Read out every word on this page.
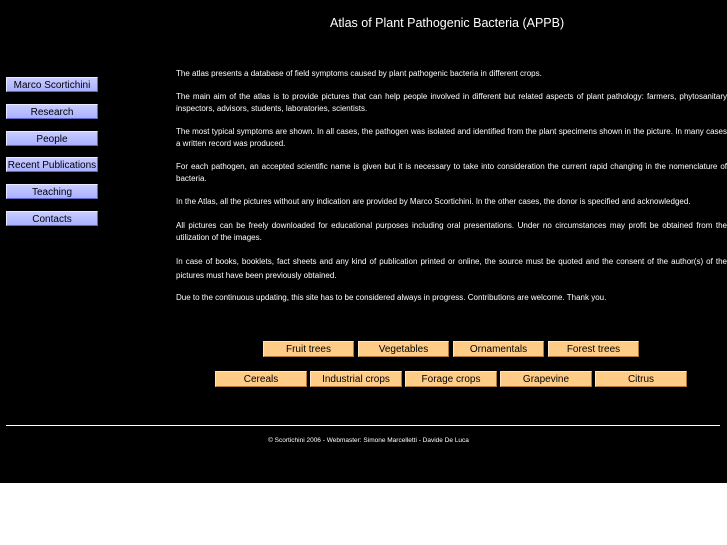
Atlas of Plant Pathogenic Bacteria (APPB)
Marco Scortichini
Research
People
Recent Publications
Teaching
Contacts

The atlas presents a database of field symptoms caused by plant pathogenic bacteria in different crops.

The main aim of the atlas is to provide pictures that can help people involved in different but related aspects of plant pathology: farmers, phytosanitary inspectors, advisors, students, laboratories, scientists.

The most typical symptoms are shown. In all cases, the pathogen was isolated and identified from the plant specimens shown in the picture. In many cases a written record was produced.

For each pathogen, an accepted scientific name is given but it is necessary to take into consideration the current rapid changing in the nomenclature of bacteria.

In the Atlas, all the pictures without any indication are provided by Marco Scortichini. In the other cases, the donor is specified and acknowledged.

All pictures can be freely downloaded for educational purposes including oral presentations. Under no circumstances may profit be obtained from the utilization of the images.

In case of books, booklets, fact sheets and any kind of publication printed or online, the source must be quoted and the consent of the author(s) of the pictures must have been previously obtained.

Due to the continuous updating, this site has to be considered always in progress. Contributions are welcome. Thank you.

Fruit trees	Vegetables	Ornamentals	Forest trees
Cereals	Industrial crops	Forage crops	Grapevine	Citrus
© Scortichini 2006 - Webmaster: Simone Marcelletti - Davide De Luca
